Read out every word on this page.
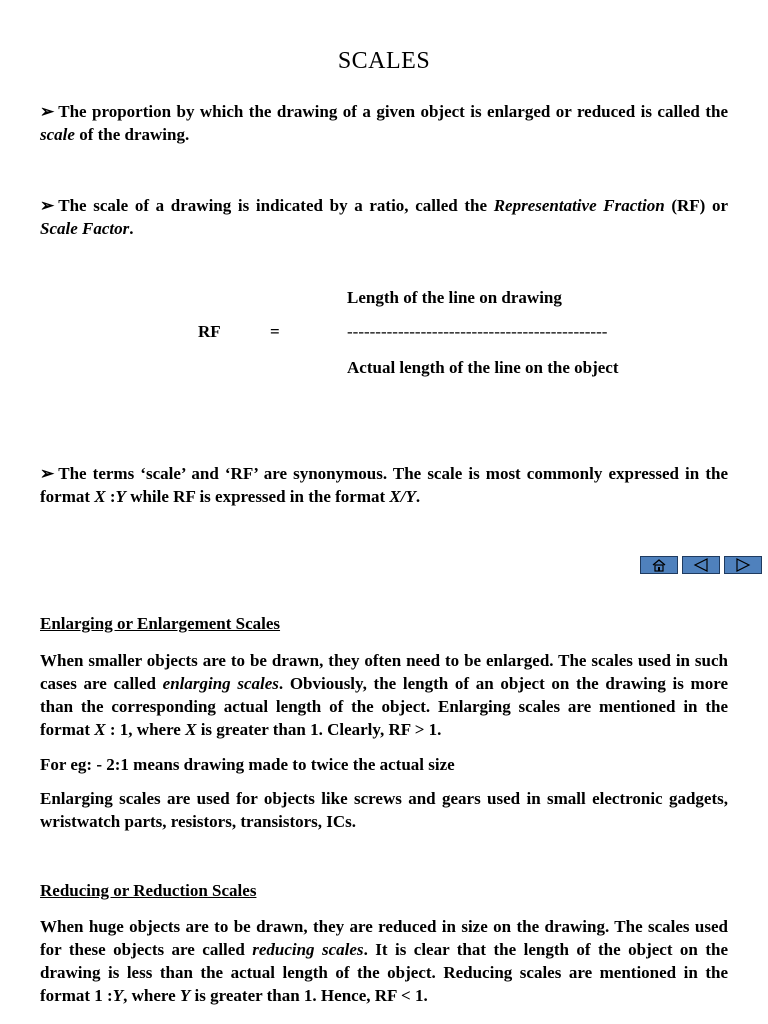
SCALES

➢ The proportion by which the drawing of a given object is enlarged or reduced is called the scale of the drawing.

➢ The scale of a drawing is indicated by a ratio, called the Representative Fraction (RF) or Scale Factor.

Length of the line on drawing
RF	=	----------------------------------------------
Actual length of the line on the object

➢ The terms ‘scale’ and ‘RF’ are synonymous. The scale is most commonly expressed in the format X :Y while RF is expressed in the format X/Y.

Enlarging or Enlargement Scales

When smaller objects are to be drawn, they often need to be enlarged. The scales used in such cases are called enlarging scales. Obviously, the length of an object on the drawing is more than the corresponding actual length of the object. Enlarging scales are mentioned in the format X : 1, where X is greater than 1. Clearly, RF > 1.

For eg: - 2:1 means drawing made to twice the actual size

Enlarging scales are used for objects like screws and gears used in small electronic gadgets, wristwatch parts, resistors, transistors, ICs.

Reducing or Reduction Scales

When huge objects are to be drawn, they are reduced in size on the drawing. The scales used for these objects are called reducing scales. It is clear that the length of the object on the drawing is less than the actual length of the object. Reducing scales are mentioned in the format 1 :Y, where Y is greater than 1. Hence, RF < 1.
